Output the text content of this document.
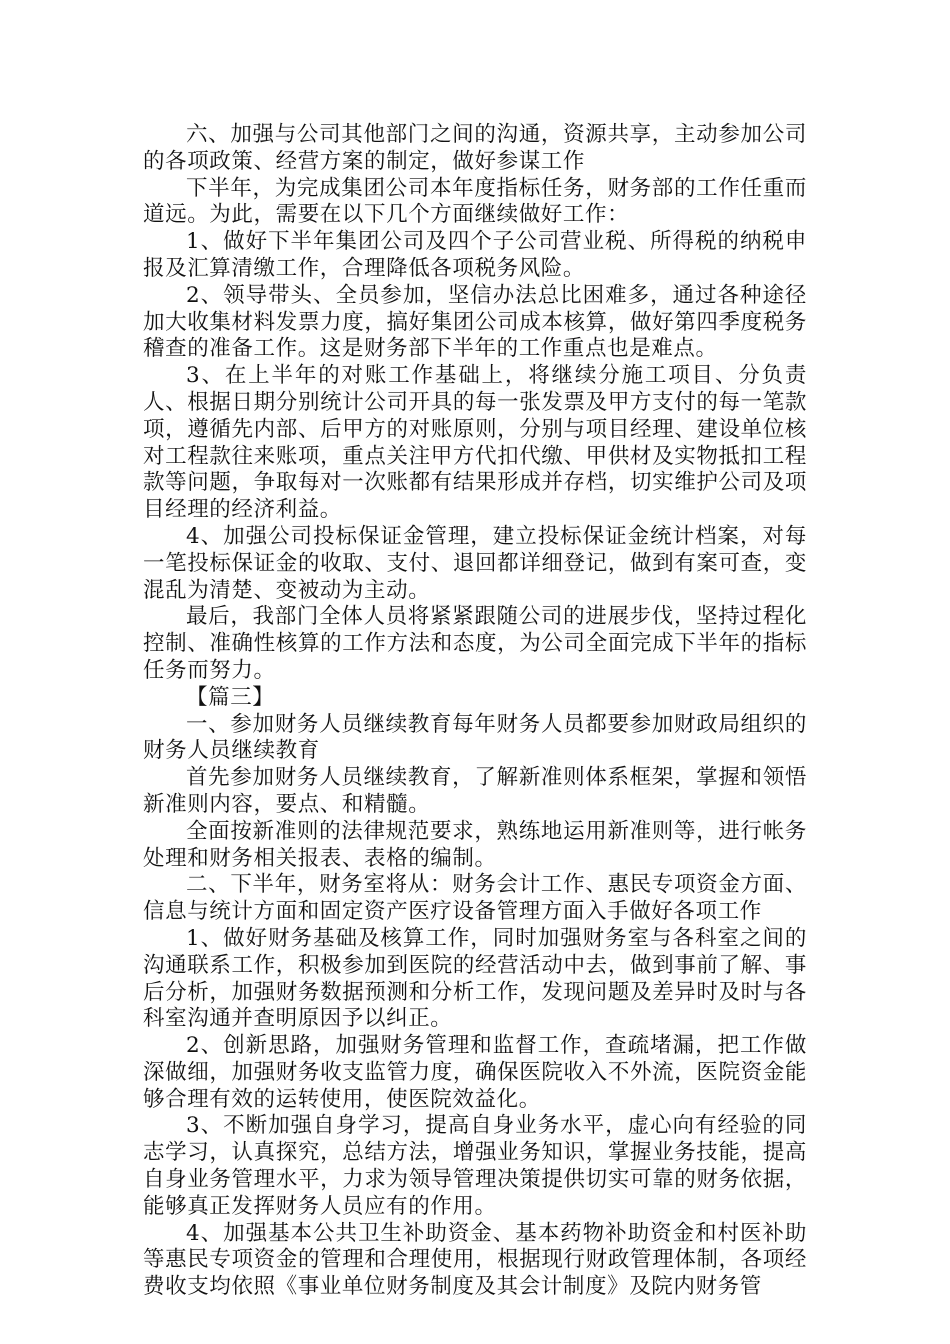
六、加强与公司其他部门之间的沟通，资源共享，主动参加公司的各项政策、经营方案的制定，做好参谋工作

下半年，为完成集团公司本年度指标任务，财务部的工作任重而道远。为此，需要在以下几个方面继续做好工作：

1、做好下半年集团公司及四个子公司营业税、所得税的纳税申报及汇算清缴工作，合理降低各项税务风险。

2、领导带头、全员参加，坚信办法总比困难多，通过各种途径加大收集材料发票力度，搞好集团公司成本核算，做好第四季度税务稽查的准备工作。这是财务部下半年的工作重点也是难点。

3、在上半年的对账工作基础上，将继续分施工项目、分负责人、根据日期分别统计公司开具的每一张发票及甲方支付的每一笔款项，遵循先内部、后甲方的对账原则，分别与项目经理、建设单位核对工程款往来账项，重点关注甲方代扣代缴、甲供材及实物抵扣工程款等问题，争取每对一次账都有结果形成并存档，切实维护公司及项目经理的经济利益。

4、加强公司投标保证金管理，建立投标保证金统计档案，对每一笔投标保证金的收取、支付、退回都详细登记，做到有案可查，变混乱为清楚、变被动为主动。

最后，我部门全体人员将紧紧跟随公司的进展步伐，坚持过程化控制、准确性核算的工作方法和态度，为公司全面完成下半年的指标任务而努力。

【篇三】

一、参加财务人员继续教育每年财务人员都要参加财政局组织的财务人员继续教育

首先参加财务人员继续教育，了解新准则体系框架，掌握和领悟新准则内容，要点、和精髓。

全面按新准则的法律规范要求，熟练地运用新准则等，进行帐务处理和财务相关报表、表格的编制。

二、下半年，财务室将从：财务会计工作、惠民专项资金方面、信息与统计方面和固定资产医疗设备管理方面入手做好各项工作

1、做好财务基础及核算工作，同时加强财务室与各科室之间的沟通联系工作，积极参加到医院的经营活动中去，做到事前了解、事后分析，加强财务数据预测和分析工作，发现问题及差异时及时与各科室沟通并查明原因予以纠正。

2、创新思路，加强财务管理和监督工作，查疏堵漏，把工作做深做细，加强财务收支监管力度，确保医院收入不外流，医院资金能够合理有效的运转使用，使医院效益化。

3、不断加强自身学习，提高自身业务水平，虚心向有经验的同志学习，认真探究，总结方法，增强业务知识，掌握业务技能，提高自身业务管理水平，力求为领导管理决策提供切实可靠的财务依据，能够真正发挥财务人员应有的作用。

4、加强基本公共卫生补助资金、基本药物补助资金和村医补助等惠民专项资金的管理和合理使用，根据现行财政管理体制，各项经费收支均依照《事业单位财务制度及其会计制度》及院内财务管
